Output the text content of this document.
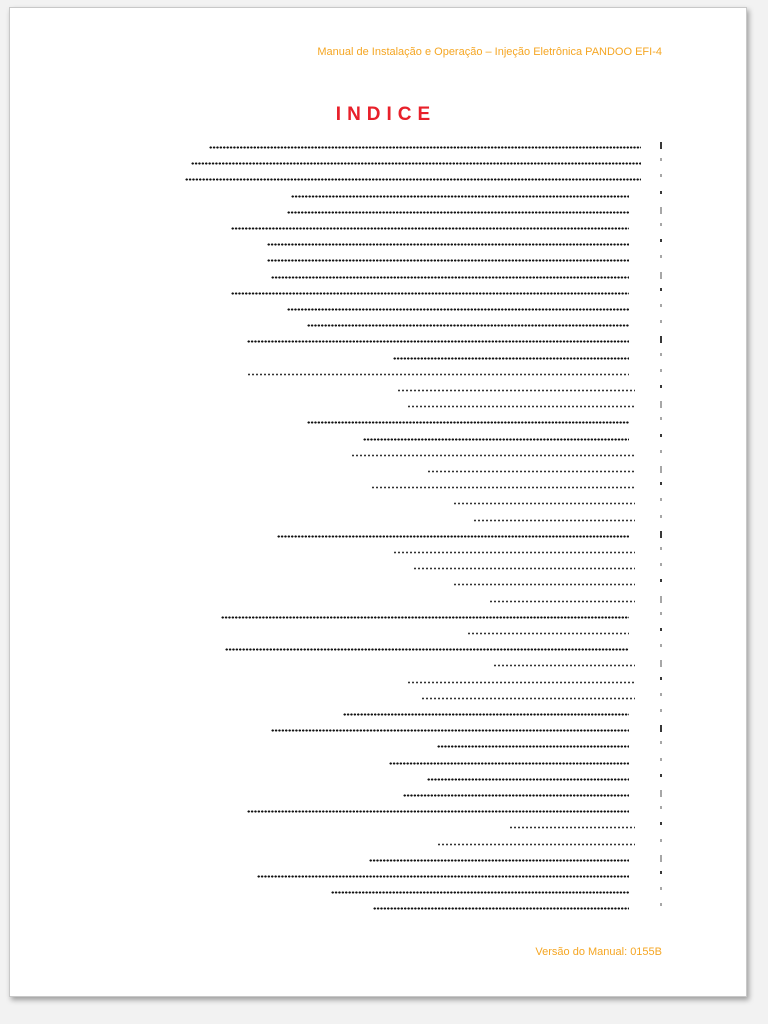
Manual de Instalação e Operação – Injeção Eletrônica PANDOO EFI-4
INDICE
Versão do Manual: 0155B
